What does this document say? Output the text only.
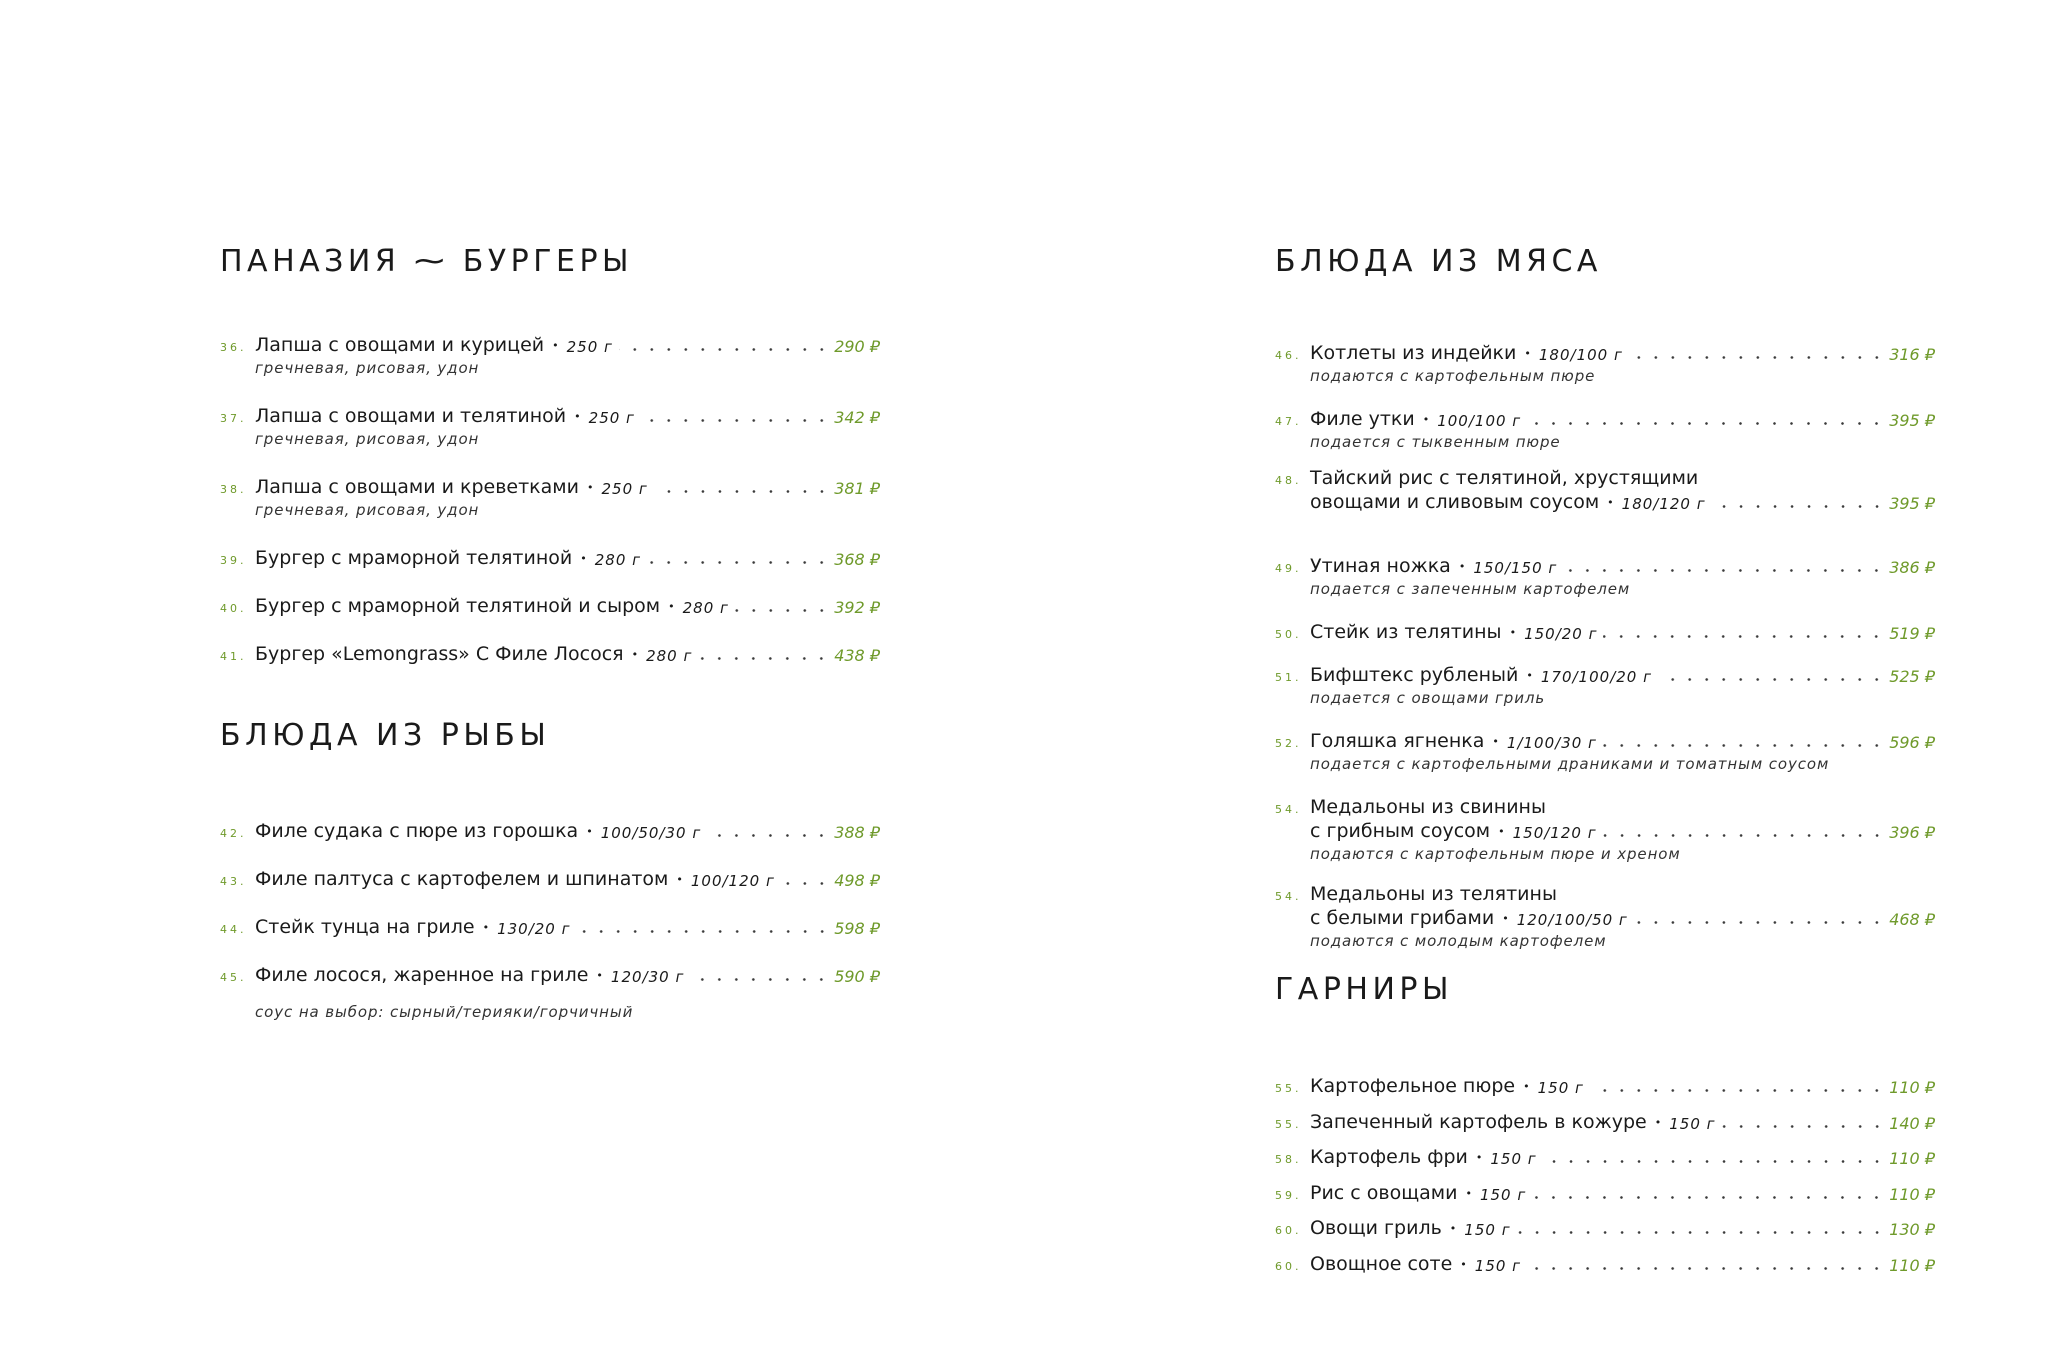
ПАНАЗИЯ ⁓ БУРГЕРЫ
36. Лапша с овощами и курицей • 250 г	290 ₽
гречневая, рисовая, удон
37. Лапша с овощами и телятиной • 250 г	342 ₽
гречневая, рисовая, удон
38. Лапша с овощами и креветками • 250 г	381 ₽
гречневая, рисовая, удон
39. Бургер с мраморной телятиной • 280 г	368 ₽
40. Бургер с мраморной телятиной и сыром • 280 г	392 ₽
41. Бургер «Lemongrass» С Филе Лосося • 280 г	438 ₽
БЛЮДА ИЗ РЫБЫ
42. Филе судака с пюре из горошка • 100/50/30 г	388 ₽
43. Филе палтуса с картофелем и шпинатом • 100/120 г	498 ₽
44. Стейк тунца на гриле • 130/20 г	598 ₽
45. Филе лосося, жаренное на гриле • 120/30 г	590 ₽
соус на выбор: сырный/терияки/горчичный
БЛЮДА ИЗ МЯСА
46. Котлеты из индейки • 180/100 г	316 ₽
подаются с картофельным пюре
47. Филе утки • 100/100 г	395 ₽
подается с тыквенным пюре
48. Тайский рис с телятиной, хрустящими
овощами и сливовым соусом • 180/120 г	395 ₽
49. Утиная ножка • 150/150 г	386 ₽
подается с запеченным картофелем
50. Стейк из телятины • 150/20 г	519 ₽
51. Бифштекс рубленый • 170/100/20 г	525 ₽
подается с овощами гриль
52. Голяшка ягненка • 1/100/30 г	596 ₽
подается с картофельными драниками и томатным соусом
54. Медальоны из свинины
с грибным соусом • 150/120 г	396 ₽
подаются с картофельным пюре и хреном
54. Медальоны из телятины
с белыми грибами • 120/100/50 г	468 ₽
подаются с молодым картофелем
ГАРНИРЫ
55. Картофельное пюре • 150 г	110 ₽
55. Запеченный картофель в кожуре • 150 г	140 ₽
58. Картофель фри • 150 г	110 ₽
59. Рис с овощами • 150 г	110 ₽
60. Овощи гриль • 150 г	130 ₽
60. Овощное соте • 150 г	110 ₽
